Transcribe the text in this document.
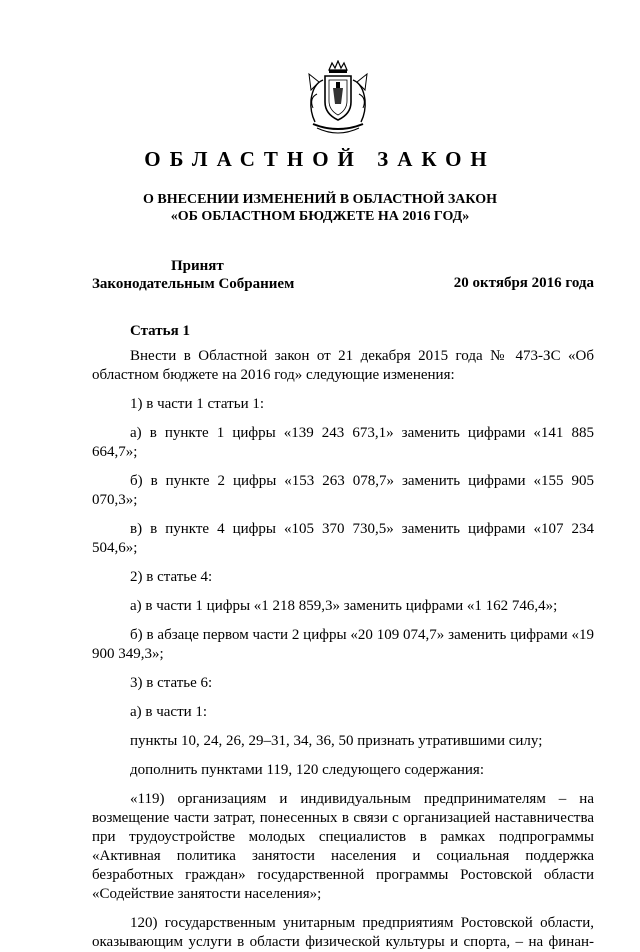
ОБЛАСТНОЙ ЗАКОН
О ВНЕСЕНИИ ИЗМЕНЕНИЙ В ОБЛАСТНОЙ ЗАКОН
«ОБ ОБЛАСТНОМ БЮДЖЕТЕ НА 2016 ГОД»
Принят
Законодательным Собранием	20 октября 2016 года
Статья 1

Внести в Областной закон от 21 декабря 2015 года № 473-ЗС «Об областном бюджете на 2016 год» следующие изменения:

1) в части 1 статьи 1:

а) в пункте 1 цифры «139 243 673,1» заменить цифрами «141 885 664,7»;

б) в пункте 2 цифры «153 263 078,7» заменить цифрами «155 905 070,3»;

в) в пункте 4 цифры «105 370 730,5» заменить цифрами «107 234 504,6»;

2) в статье 4:

а) в части 1 цифры «1 218 859,3» заменить цифрами «1 162 746,4»;

б) в абзаце первом части 2 цифры «20 109 074,7» заменить цифрами «19 900 349,3»;

3) в статье 6:

а) в части 1:

пункты 10, 24, 26, 29–31, 34, 36, 50 признать утратившими силу;

дополнить пунктами 119, 120 следующего содержания:

«119) организациям и индивидуальным предпринимателям – на возмещение части затрат, понесенных в связи с организацией наставничества при трудоустройстве молодых специалистов в рамках подпрограммы «Активная политика занятости населения и социальная поддержка безработных граждан» государственной программы Ростовской области «Содействие занятости населения»;

120) государственным унитарным предприятиям Ростовской области, оказывающим услуги в области физической культуры и спорта, – на финан-
